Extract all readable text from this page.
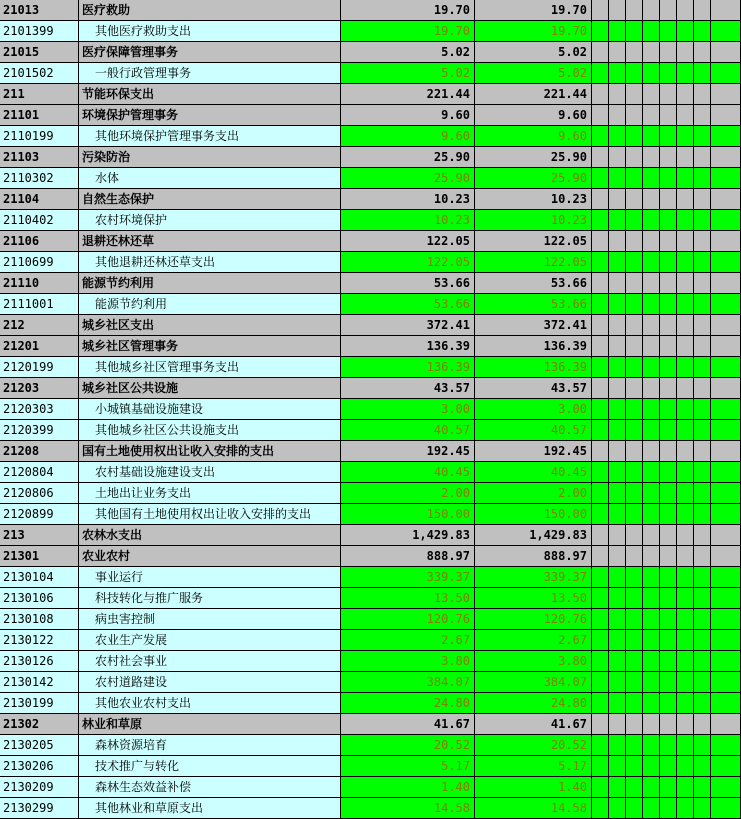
21013	医疗救助	19.70	19.70
2101399	其他医疗救助支出	19.70	19.70
21015	医疗保障管理事务	5.02	5.02
2101502	一般行政管理事务	5.02	5.02
211	节能环保支出	221.44	221.44
21101	环境保护管理事务	9.60	9.60
2110199	其他环境保护管理事务支出	9.60	9.60
21103	污染防治	25.90	25.90
2110302	水体	25.90	25.90
21104	自然生态保护	10.23	10.23
2110402	农村环境保护	10.23	10.23
21106	退耕还林还草	122.05	122.05
2110699	其他退耕还林还草支出	122.05	122.05
21110	能源节约利用	53.66	53.66
2111001	能源节约利用	53.66	53.66
212	城乡社区支出	372.41	372.41
21201	城乡社区管理事务	136.39	136.39
2120199	其他城乡社区管理事务支出	136.39	136.39
21203	城乡社区公共设施	43.57	43.57
2120303	小城镇基础设施建设	3.00	3.00
2120399	其他城乡社区公共设施支出	40.57	40.57
21208	国有土地使用权出让收入安排的支出	192.45	192.45
2120804	农村基础设施建设支出	40.45	40.45
2120806	土地出让业务支出	2.00	2.00
2120899	其他国有土地使用权出让收入安排的支出	150.00	150.00
213	农林水支出	1,429.83	1,429.83
21301	农业农村	888.97	888.97
2130104	事业运行	339.37	339.37
2130106	科技转化与推广服务	13.50	13.50
2130108	病虫害控制	120.76	120.76
2130122	农业生产发展	2.67	2.67
2130126	农村社会事业	3.80	3.80
2130142	农村道路建设	384.07	384.07
2130199	其他农业农村支出	24.80	24.80
21302	林业和草原	41.67	41.67
2130205	森林资源培育	20.52	20.52
2130206	技术推广与转化	5.17	5.17
2130209	森林生态效益补偿	1.40	1.40
2130299	其他林业和草原支出	14.58	14.58
